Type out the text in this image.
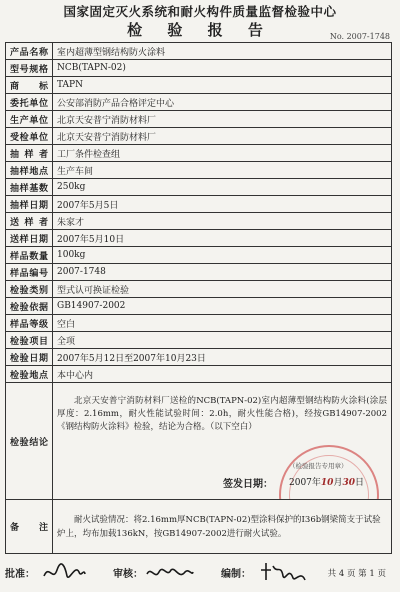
国家固定灭火系统和耐火构件质量监督检验中心
检 验 报 告	No. 2007-1748
产品名称	室内超薄型钢结构防火涂料
型号规格	NCB(TAPN-02)
商 标	TAPN
委托单位	公安部消防产品合格评定中心
生产单位	北京天安普宁消防材料厂
受检单位	北京天安普宁消防材料厂
抽 样 者	工厂条件检查组
抽样地点	生产车间
抽样基数	250kg
抽样日期	2007年5月5日
送 样 者	朱家才
送样日期	2007年5月10日
样品数量	100kg
样品编号	2007-1748
检验类别	型式认可换证检验
检验依据	GB14907-2002
样品等级	空白
检验项目	全项
检验日期	2007年5月12日至2007年10月23日
检验地点	本中心内
检验结论	北京天安普宁消防材料厂送检的NCB(TAPN-02)室内超薄型钢结构防火涂料(涂层厚度：2.16mm，耐火性能试验时间：2.0h，耐火性能合格)，经按GB14907-2002《钢结构防火涂料》检验，结论为合格。（以下空白）
（检验报告专用章）
签发日期： 2007年10月30日

备 注	耐火试验情况：将2.16mm厚NCB(TAPN-02)型涂料保护的I36b钢梁简支于试验炉上，均布加载136kN，按GB14907-2002进行耐火试验。
批准：	审核：	编制：	共 4 页 第 1 页
